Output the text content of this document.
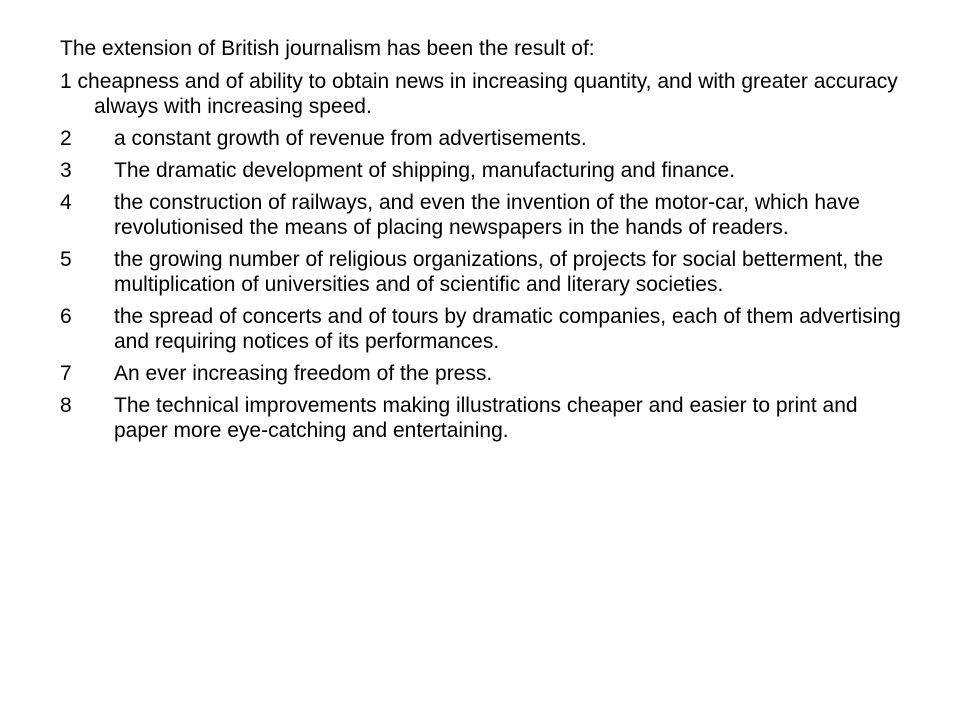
The extension of British journalism has been the result of:

1 cheapness and of ability to obtain news in increasing quantity, and with greater accuracy always with increasing speed.
2 a constant growth of revenue from advertisements.
3 The dramatic development of shipping, manufacturing and finance.
4 the construction of railways, and even the invention of the motor-car, which have revolutionised the means of placing newspapers in the hands of readers.
5 the growing number of religious organizations, of projects for social betterment, the multiplication of universities and of scientific and literary societies.
6 the spread of concerts and of tours by dramatic companies, each of them advertising and requiring notices of its performances.
7 An ever increasing freedom of the press.
8 The technical improvements making illustrations cheaper and easier to print and paper more eye-catching and entertaining.
